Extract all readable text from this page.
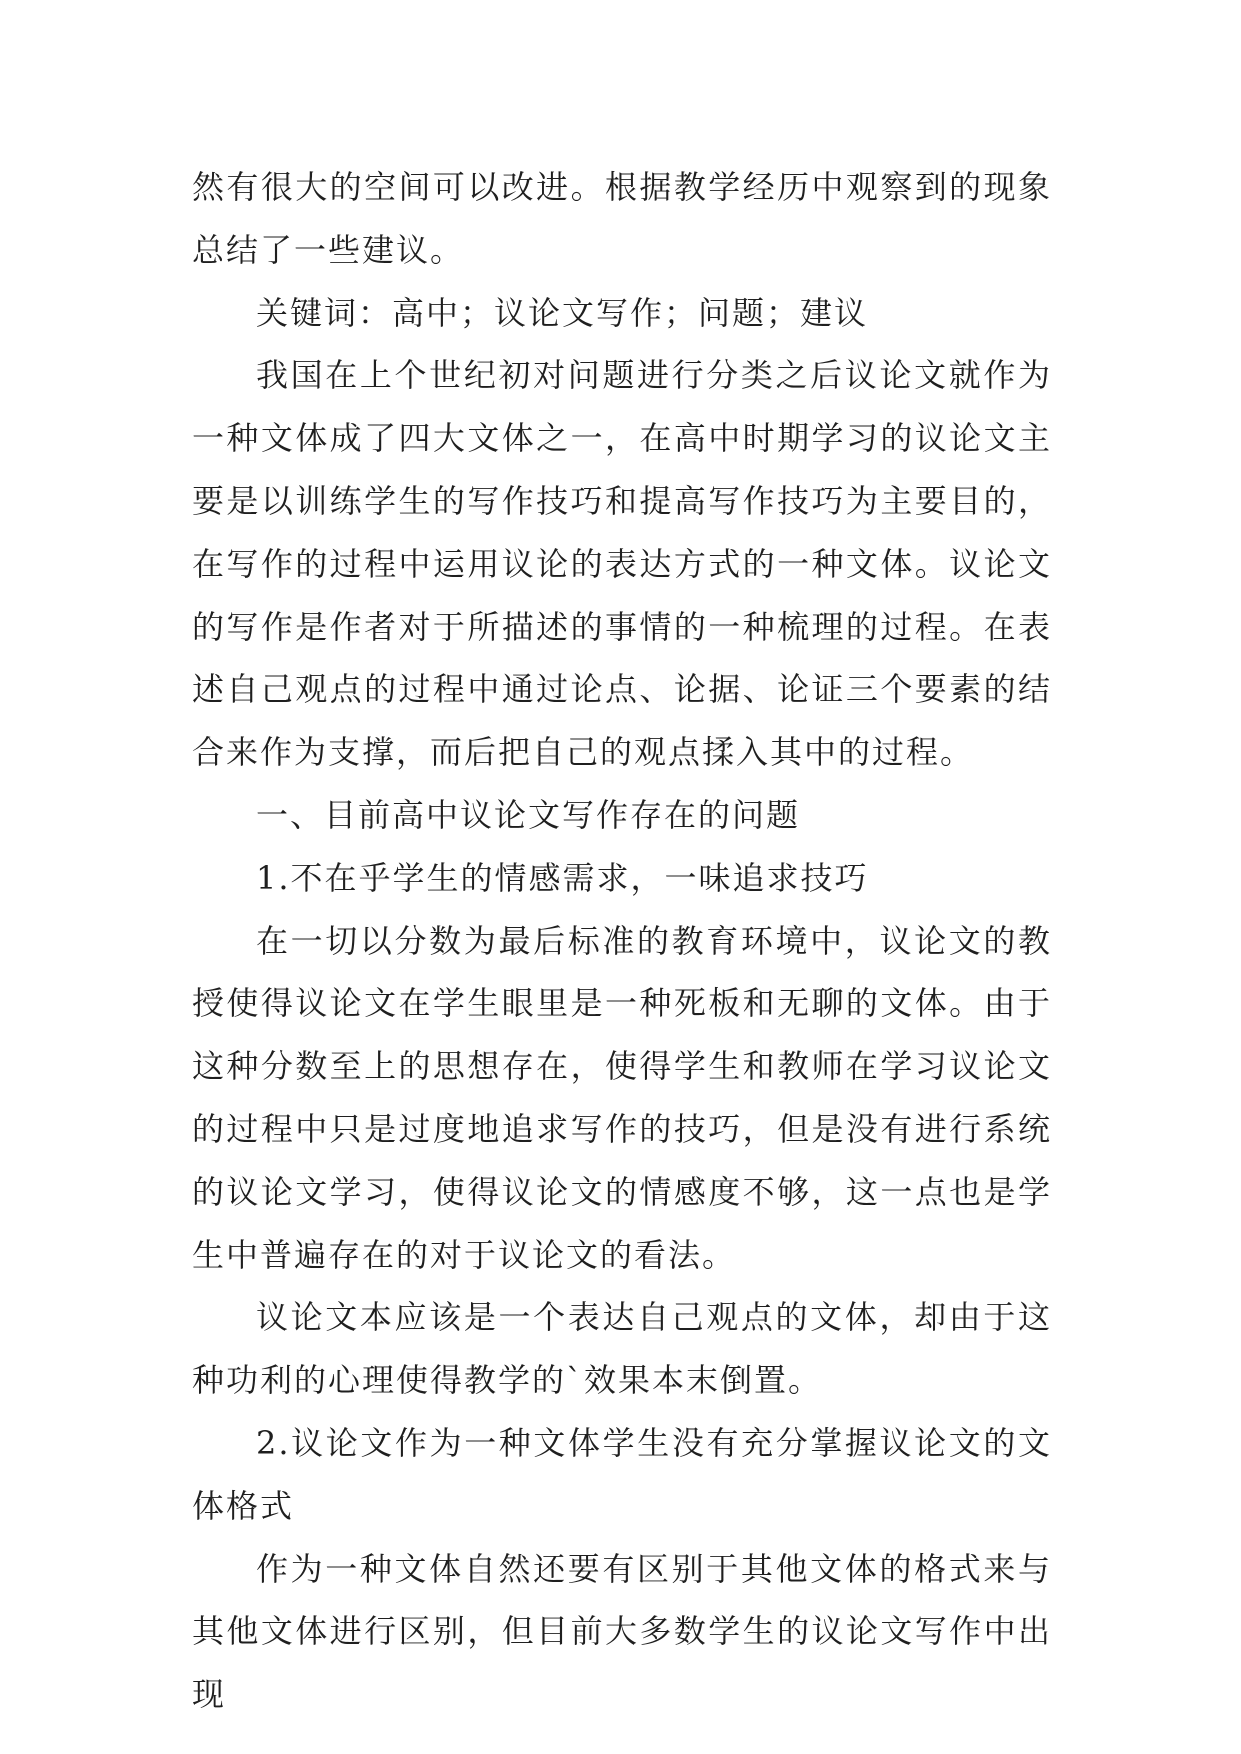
然有很大的空间可以改进。根据教学经历中观察到的现象总结了一些建议。

关键词：高中；议论文写作；问题；建议

我国在上个世纪初对问题进行分类之后议论文就作为一种文体成了四大文体之一，在高中时期学习的议论文主要是以训练学生的写作技巧和提高写作技巧为主要目的，在写作的过程中运用议论的表达方式的一种文体。议论文的写作是作者对于所描述的事情的一种梳理的过程。在表述自己观点的过程中通过论点、论据、论证三个要素的结合来作为支撑，而后把自己的观点揉入其中的过程。

一、目前高中议论文写作存在的问题

1.不在乎学生的情感需求，一味追求技巧

在一切以分数为最后标准的教育环境中，议论文的教授使得议论文在学生眼里是一种死板和无聊的文体。由于这种分数至上的思想存在，使得学生和教师在学习议论文的过程中只是过度地追求写作的技巧，但是没有进行系统的议论文学习，使得议论文的情感度不够，这一点也是学生中普遍存在的对于议论文的看法。

议论文本应该是一个表达自己观点的文体，却由于这种功利的心理使得教学的`效果本末倒置。

2.议论文作为一种文体学生没有充分掌握议论文的文体格式

作为一种文体自然还要有区别于其他文体的格式来与其他文体进行区别，但目前大多数学生的议论文写作中出现
